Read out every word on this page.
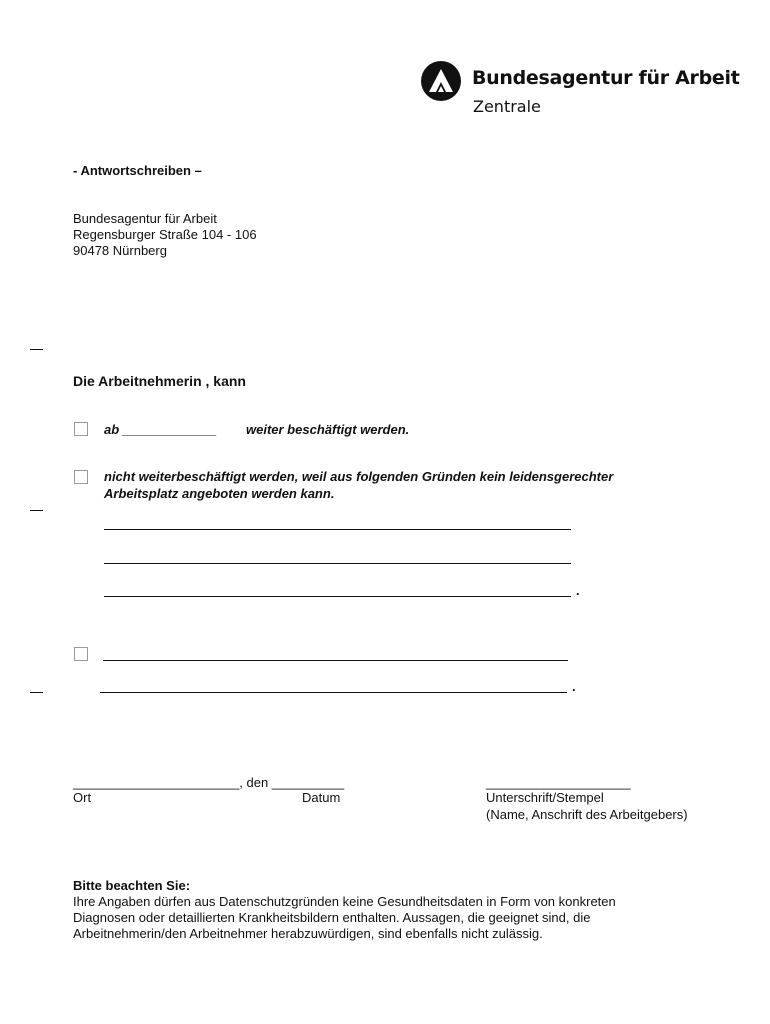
Bundesagentur für Arbeit
Zentrale
- Antwortschreiben –
Bundesagentur für Arbeit
Regensburger Straße 104 - 106
90478 Nürnberg
Die Arbeitnehmerin , kann
ab _____________ weiter beschäftigt werden.
nicht weiterbeschäftigt werden, weil aus folgenden Gründen kein leidensgerechter
Arbeitsplatz angeboten werden kann.
.
.
_______________________, den __________
Ort	Datum
____________________
Unterschrift/Stempel
(Name, Anschrift des Arbeitgebers)
Bitte beachten Sie:
Ihre Angaben dürfen aus Datenschutzgründen keine Gesundheitsdaten in Form von konkreten
Diagnosen oder detaillierten Krankheitsbildern enthalten. Aussagen, die geeignet sind, die
Arbeitnehmerin/den Arbeitnehmer herabzuwürdigen, sind ebenfalls nicht zulässig.
